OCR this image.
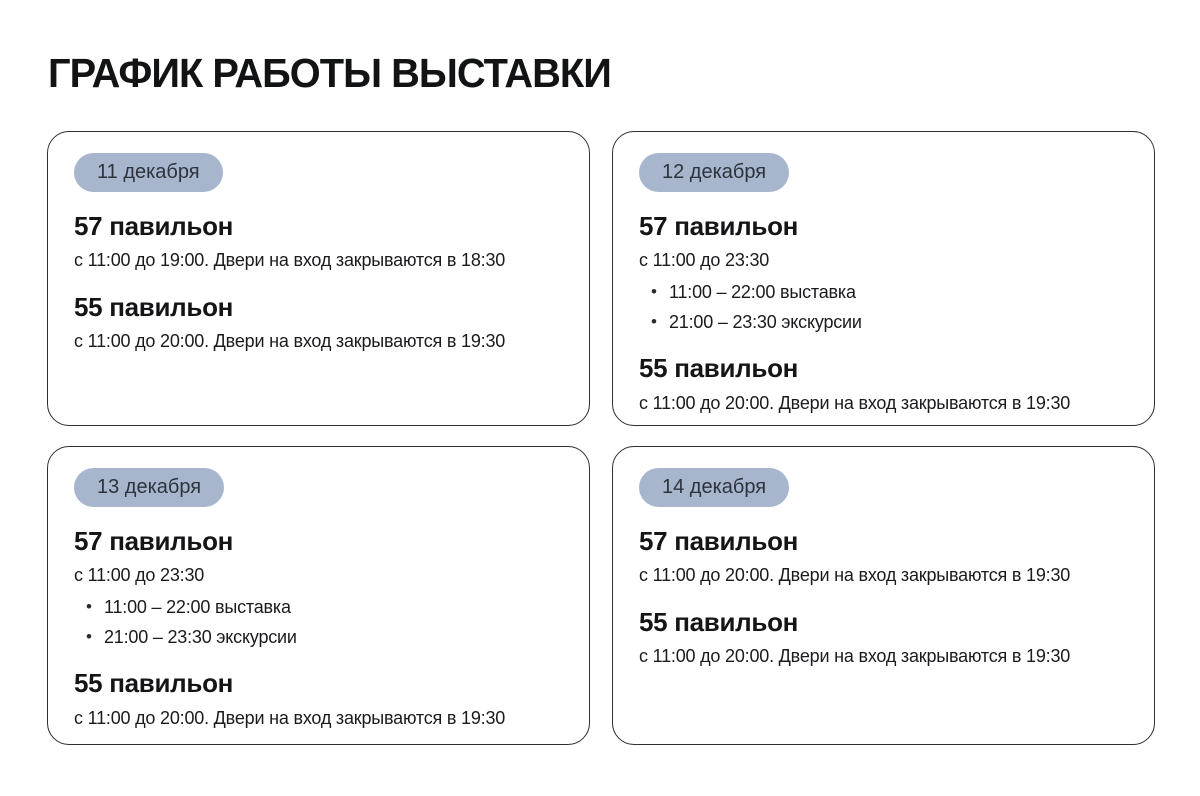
ГРАФИК РАБОТЫ ВЫСТАВКИ
11 декабря
57 павильон

с 11:00 до 19:00. Двери на вход закрываются в 18:30

55 павильон

с 11:00 до 20:00. Двери на вход закрываются в 19:30

12 декабря
57 павильон

с 11:00 до 23:30

• 11:00 – 22:00 выставка
• 21:00 – 23:30 экскурсии
55 павильон

с 11:00 до 20:00. Двери на вход закрываются в 19:30

13 декабря
57 павильон

с 11:00 до 23:30

• 11:00 – 22:00 выставка
• 21:00 – 23:30 экскурсии
55 павильон

с 11:00 до 20:00. Двери на вход закрываются в 19:30

14 декабря
57 павильон

с 11:00 до 20:00. Двери на вход закрываются в 19:30

55 павильон

с 11:00 до 20:00. Двери на вход закрываются в 19:30
